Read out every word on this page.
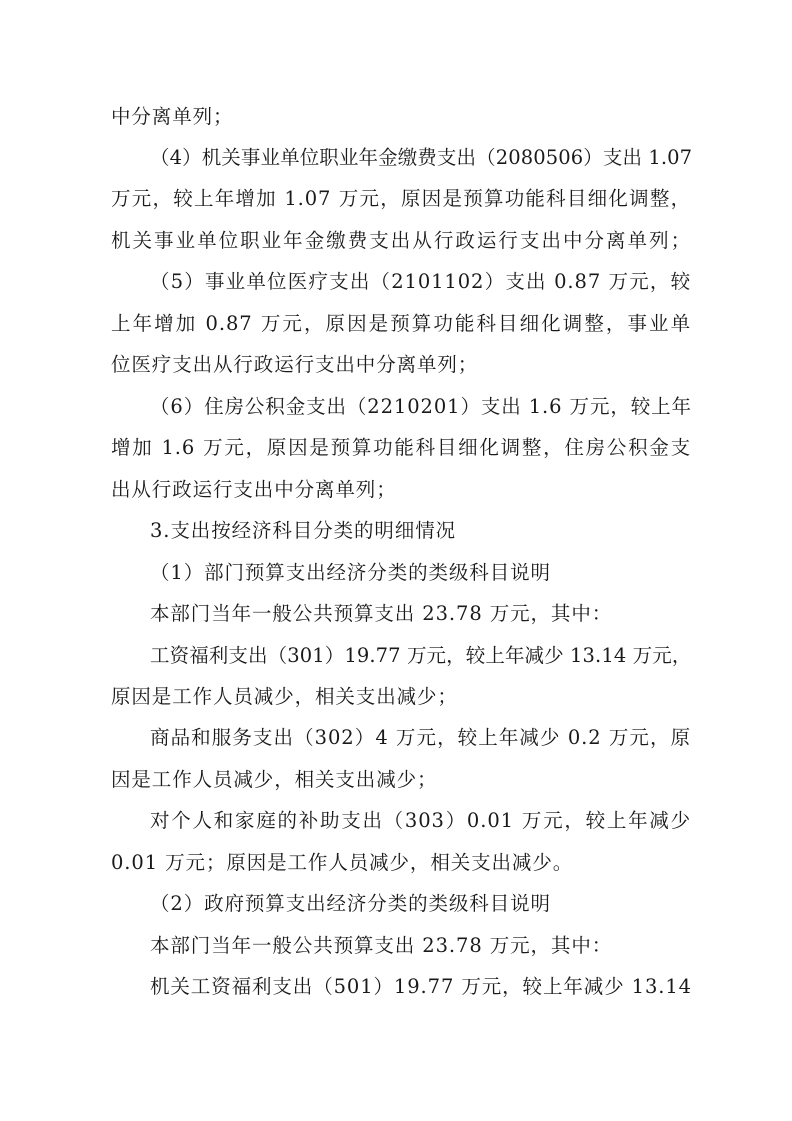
中分离单列；
（4）机关事业单位职业年金缴费支出（2080506）支出 1.07
万元，较上年增加 1.07 万元，原因是预算功能科目细化调整，
机关事业单位职业年金缴费支出从行政运行支出中分离单列；
（5）事业单位医疗支出（2101102）支出 0.87 万元，较
上年增加 0.87 万元，原因是预算功能科目细化调整，事业单
位医疗支出从行政运行支出中分离单列；
（6）住房公积金支出（2210201）支出 1.6 万元，较上年
增加 1.6 万元，原因是预算功能科目细化调整，住房公积金支
出从行政运行支出中分离单列；
3.支出按经济科目分类的明细情况
（1）部门预算支出经济分类的类级科目说明
本部门当年一般公共预算支出 23.78 万元，其中：
工资福利支出（301）19.77 万元，较上年减少 13.14 万元，
原因是工作人员减少，相关支出减少；
商品和服务支出（302）4 万元，较上年减少 0.2 万元，原
因是工作人员减少，相关支出减少；
对个人和家庭的补助支出（303）0.01 万元，较上年减少
0.01 万元；原因是工作人员减少，相关支出减少。
（2）政府预算支出经济分类的类级科目说明
本部门当年一般公共预算支出 23.78 万元，其中：
机关工资福利支出（501）19.77 万元，较上年减少 13.14
